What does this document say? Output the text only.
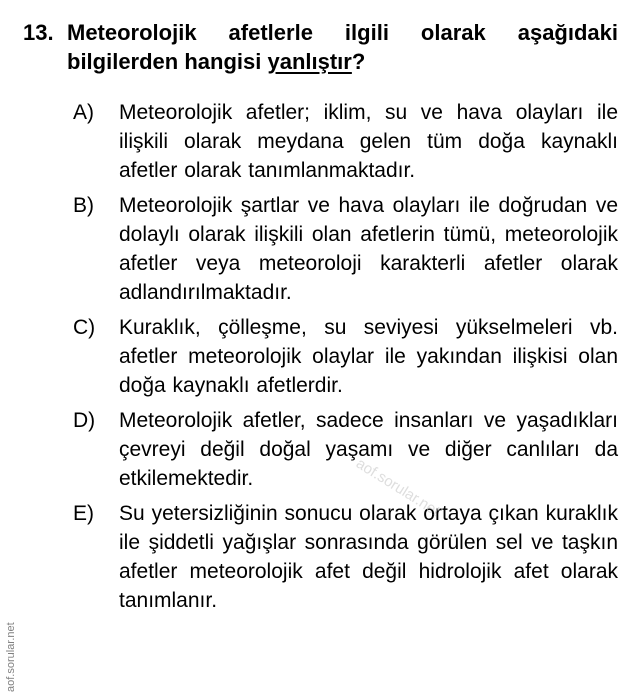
13. Meteorolojik afetlerle ilgili olarak aşağıdaki bilgilerden hangisi yanlıştır?
A) Meteorolojik afetler; iklim, su ve hava olayları ile ilişkili olarak meydana gelen tüm doğa kaynaklı afetler olarak tanımlanmaktadır.
B) Meteorolojik şartlar ve hava olayları ile doğrudan ve dolaylı olarak ilişkili olan afetlerin tümü, meteorolojik afetler veya meteoroloji karakterli afetler olarak adlandırılmaktadır.
C) Kuraklık, çölleşme, su seviyesi yükselmeleri vb. afetler meteorolojik olaylar ile yakından ilişkisi olan doğa kaynaklı afetlerdir.
D) Meteorolojik afetler, sadece insanları ve yaşadıkları çevreyi değil doğal yaşamı ve diğer canlıları da etkilemektedir.
E) Su yetersizliğinin sonucu olarak ortaya çıkan kuraklık ile şiddetli yağışlar sonrasında görülen sel ve taşkın afetler meteorolojik afet değil hidrolojik afet olarak tanımlanır.
aof.sorular.net
aof.sorular.net
